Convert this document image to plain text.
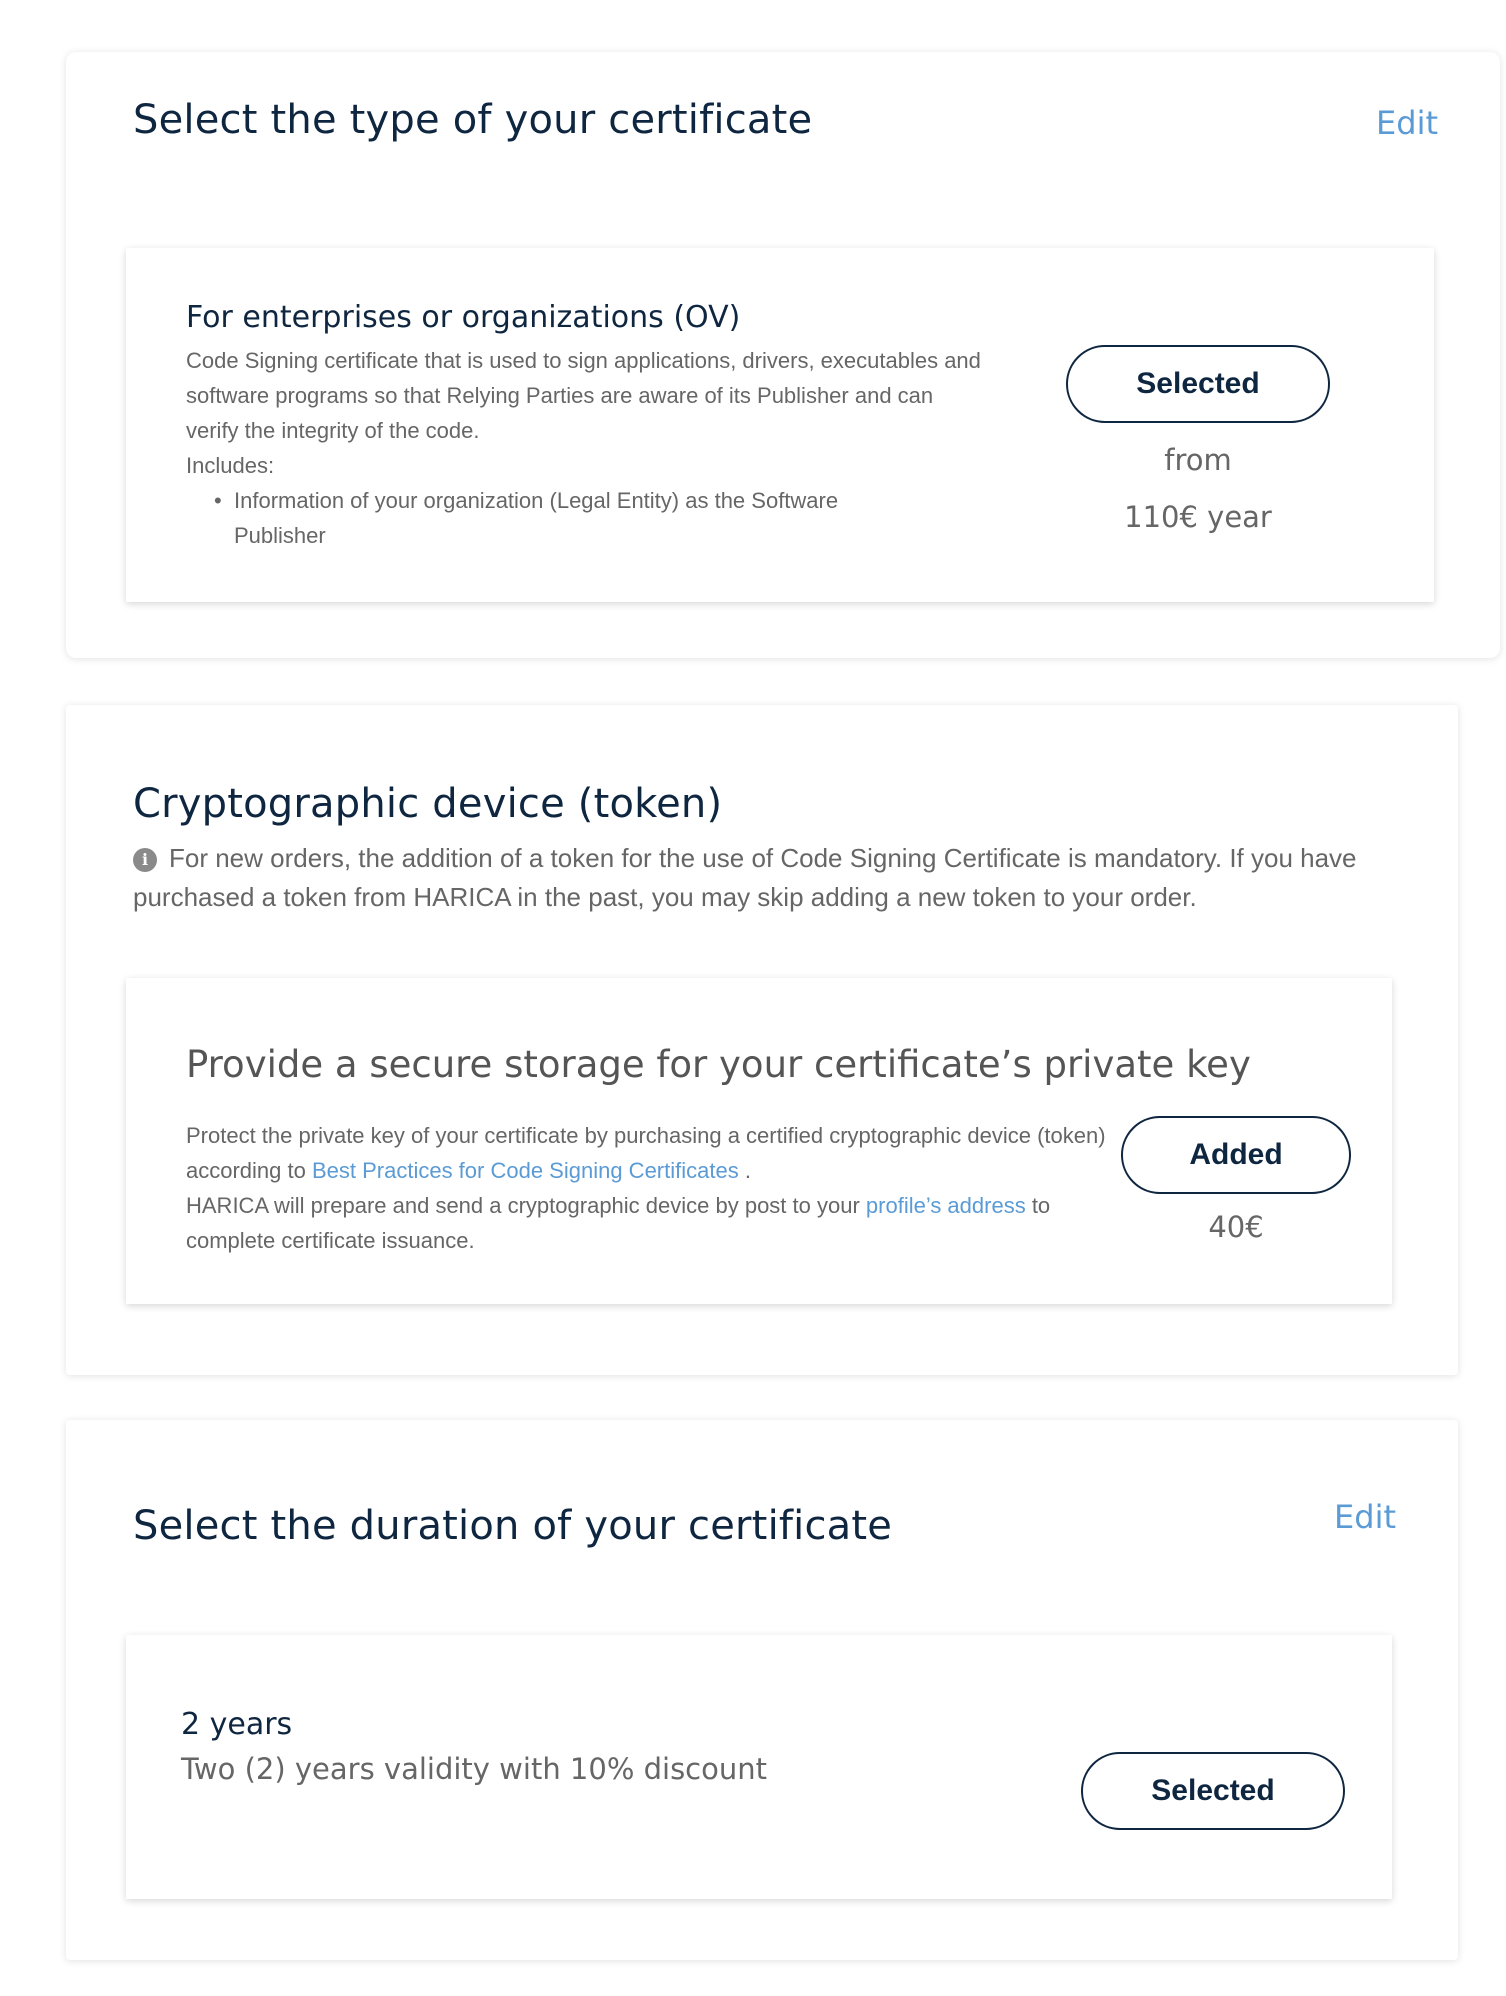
Select the type of your certificate	Edit
For enterprises or organizations (OV)

Code Signing certificate that is used to sign applications, drivers, executables and software programs so that Relying Parties are aware of its Publisher and can verify the integrity of the code.

Includes:

• Information of your organization (Legal Entity) as the Software Publisher
Selected
from
110€ year
Cryptographic device (token)
i For new orders, the addition of a token for the use of Code Signing Certificate is mandatory. If you have purchased a token from HARICA in the past, you may skip adding a new token to your order.
Provide a secure storage for your certificate’s private key

Protect the private key of your certificate by purchasing a certified cryptographic device (token) according to Best Practices for Code Signing Certificates .

HARICA will prepare and send a cryptographic device by post to your profile’s address to complete certificate issuance.

Added
40€
Select the duration of your certificate	Edit
2 years
Two (2) years validity with 10% discount
Selected
